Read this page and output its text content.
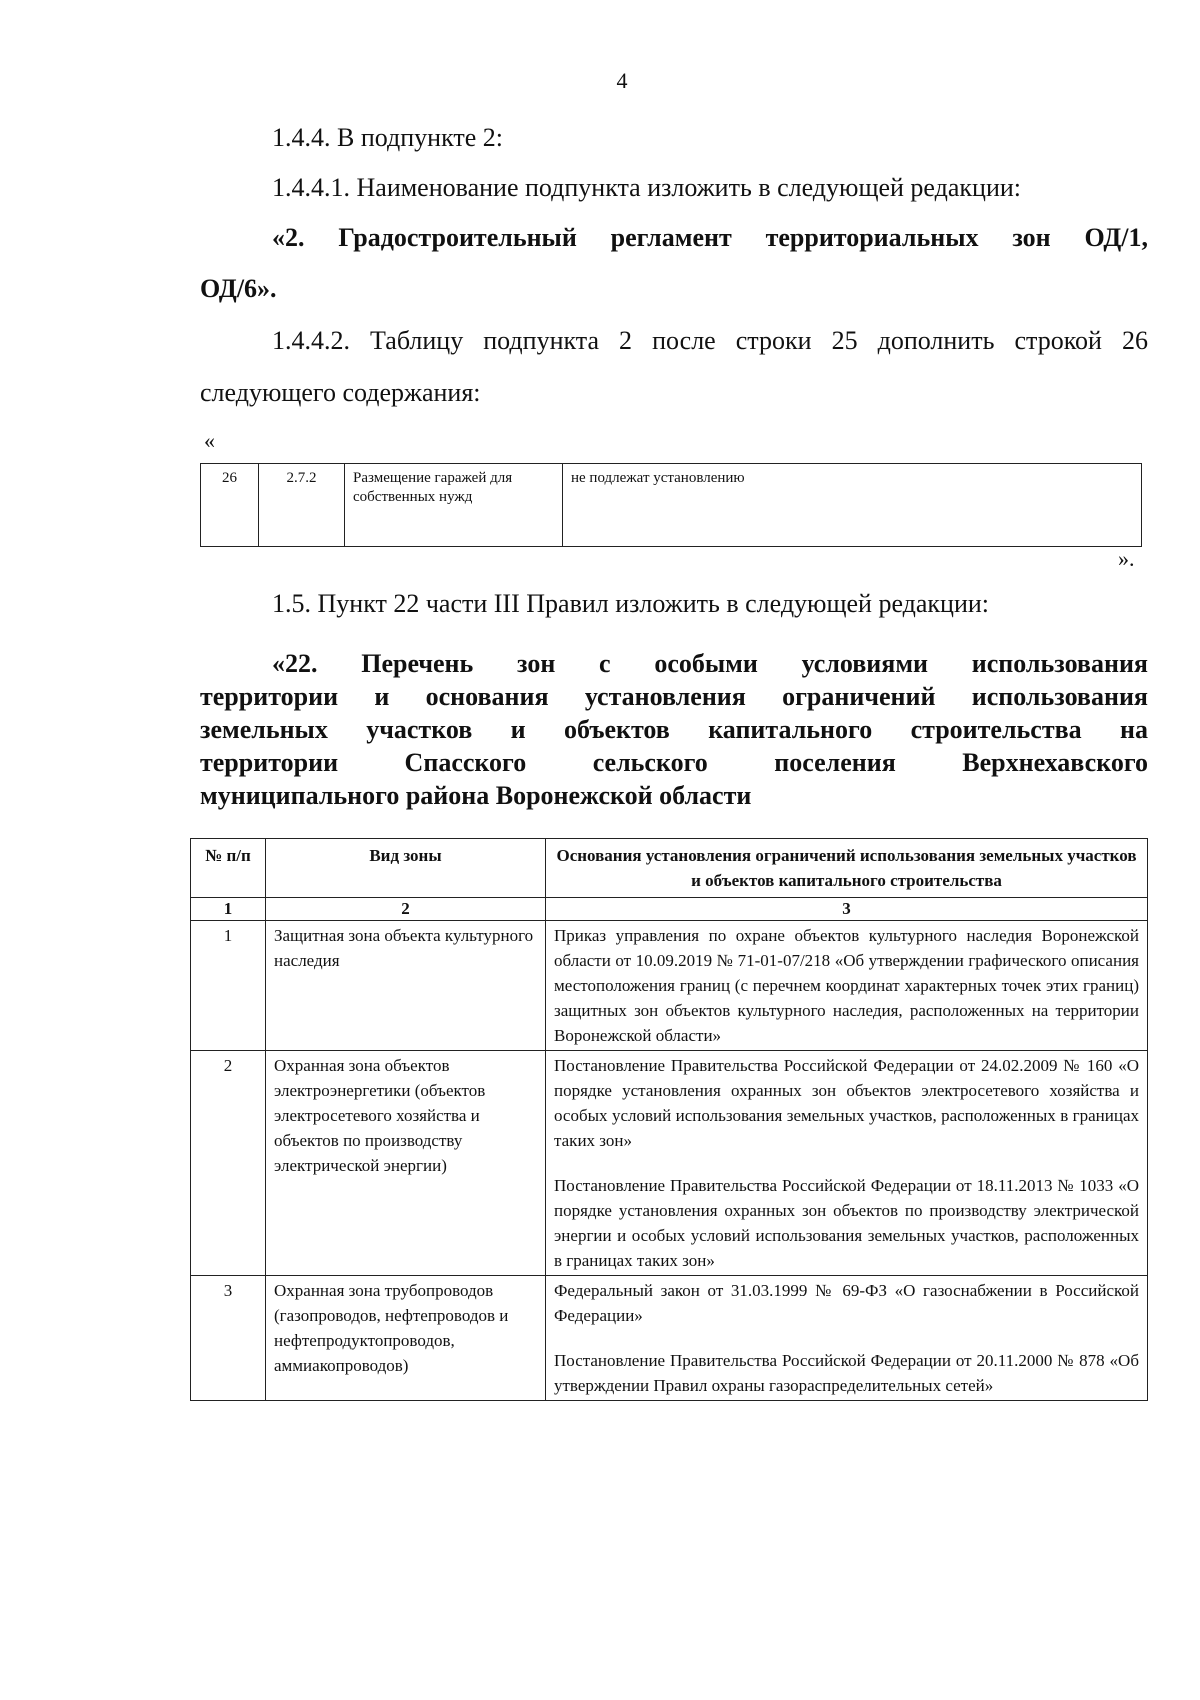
4
1.4.4. В подпункте 2:
1.4.4.1. Наименование подпункта изложить в следующей редакции:
«2. Градостроительный регламент территориальных зон ОД/1,
ОД/6».
1.4.4.2. Таблицу подпункта 2 после строки 25 дополнить строкой 26
следующего содержания:
«
26	2.7.2	Размещение гаражей для собственных нужд	не подлежат установлению
».
1.5. Пункт 22 части III Правил изложить в следующей редакции:
«22. Перечень зон с особыми условиями использования
территории и основания установления ограничений использования
земельных участков и объектов капитального строительства на
территории Спасского сельского поселения Верхнехавского
муниципального района Воронежской области
№ п/п	Вид зоны	Основания установления ограничений использования земельных участков и объектов капитального строительства
1	2	3
1	Защитная зона объекта культурного наследия	Приказ управления по охране объектов культурного наследия Воронежской области от 10.09.2019 № 71-01-07/218 «Об утверждении графического описания местоположения границ (с перечнем координат характерных точек этих границ) защитных зон объектов культурного наследия, расположенных на территории Воронежской области»

2	Охранная зона объектов электроэнергетики (объектов электросетевого хозяйства и объектов по производству электрической энергии)	Постановление Правительства Российской Федерации от 24.02.2009 № 160 «О порядке установления охранных зон объектов электросетевого хозяйства и особых условий использования земельных участков, расположенных в границах таких зон»
Постановление Правительства Российской Федерации от 18.11.2013 № 1033 «О порядке установления охранных зон объектов по производству электрической энергии и особых условий использования земельных участков, расположенных в границах таких зон»

3	Охранная зона трубопроводов (газопроводов, нефтепроводов и нефтепродуктопроводов, аммиакопроводов)	Федеральный закон от 31.03.1999 № 69-ФЗ «О газоснабжении в Российской Федерации»
Постановление Правительства Российской Федерации от 20.11.2000 № 878 «Об утверждении Правил охраны газораспределительных сетей»
